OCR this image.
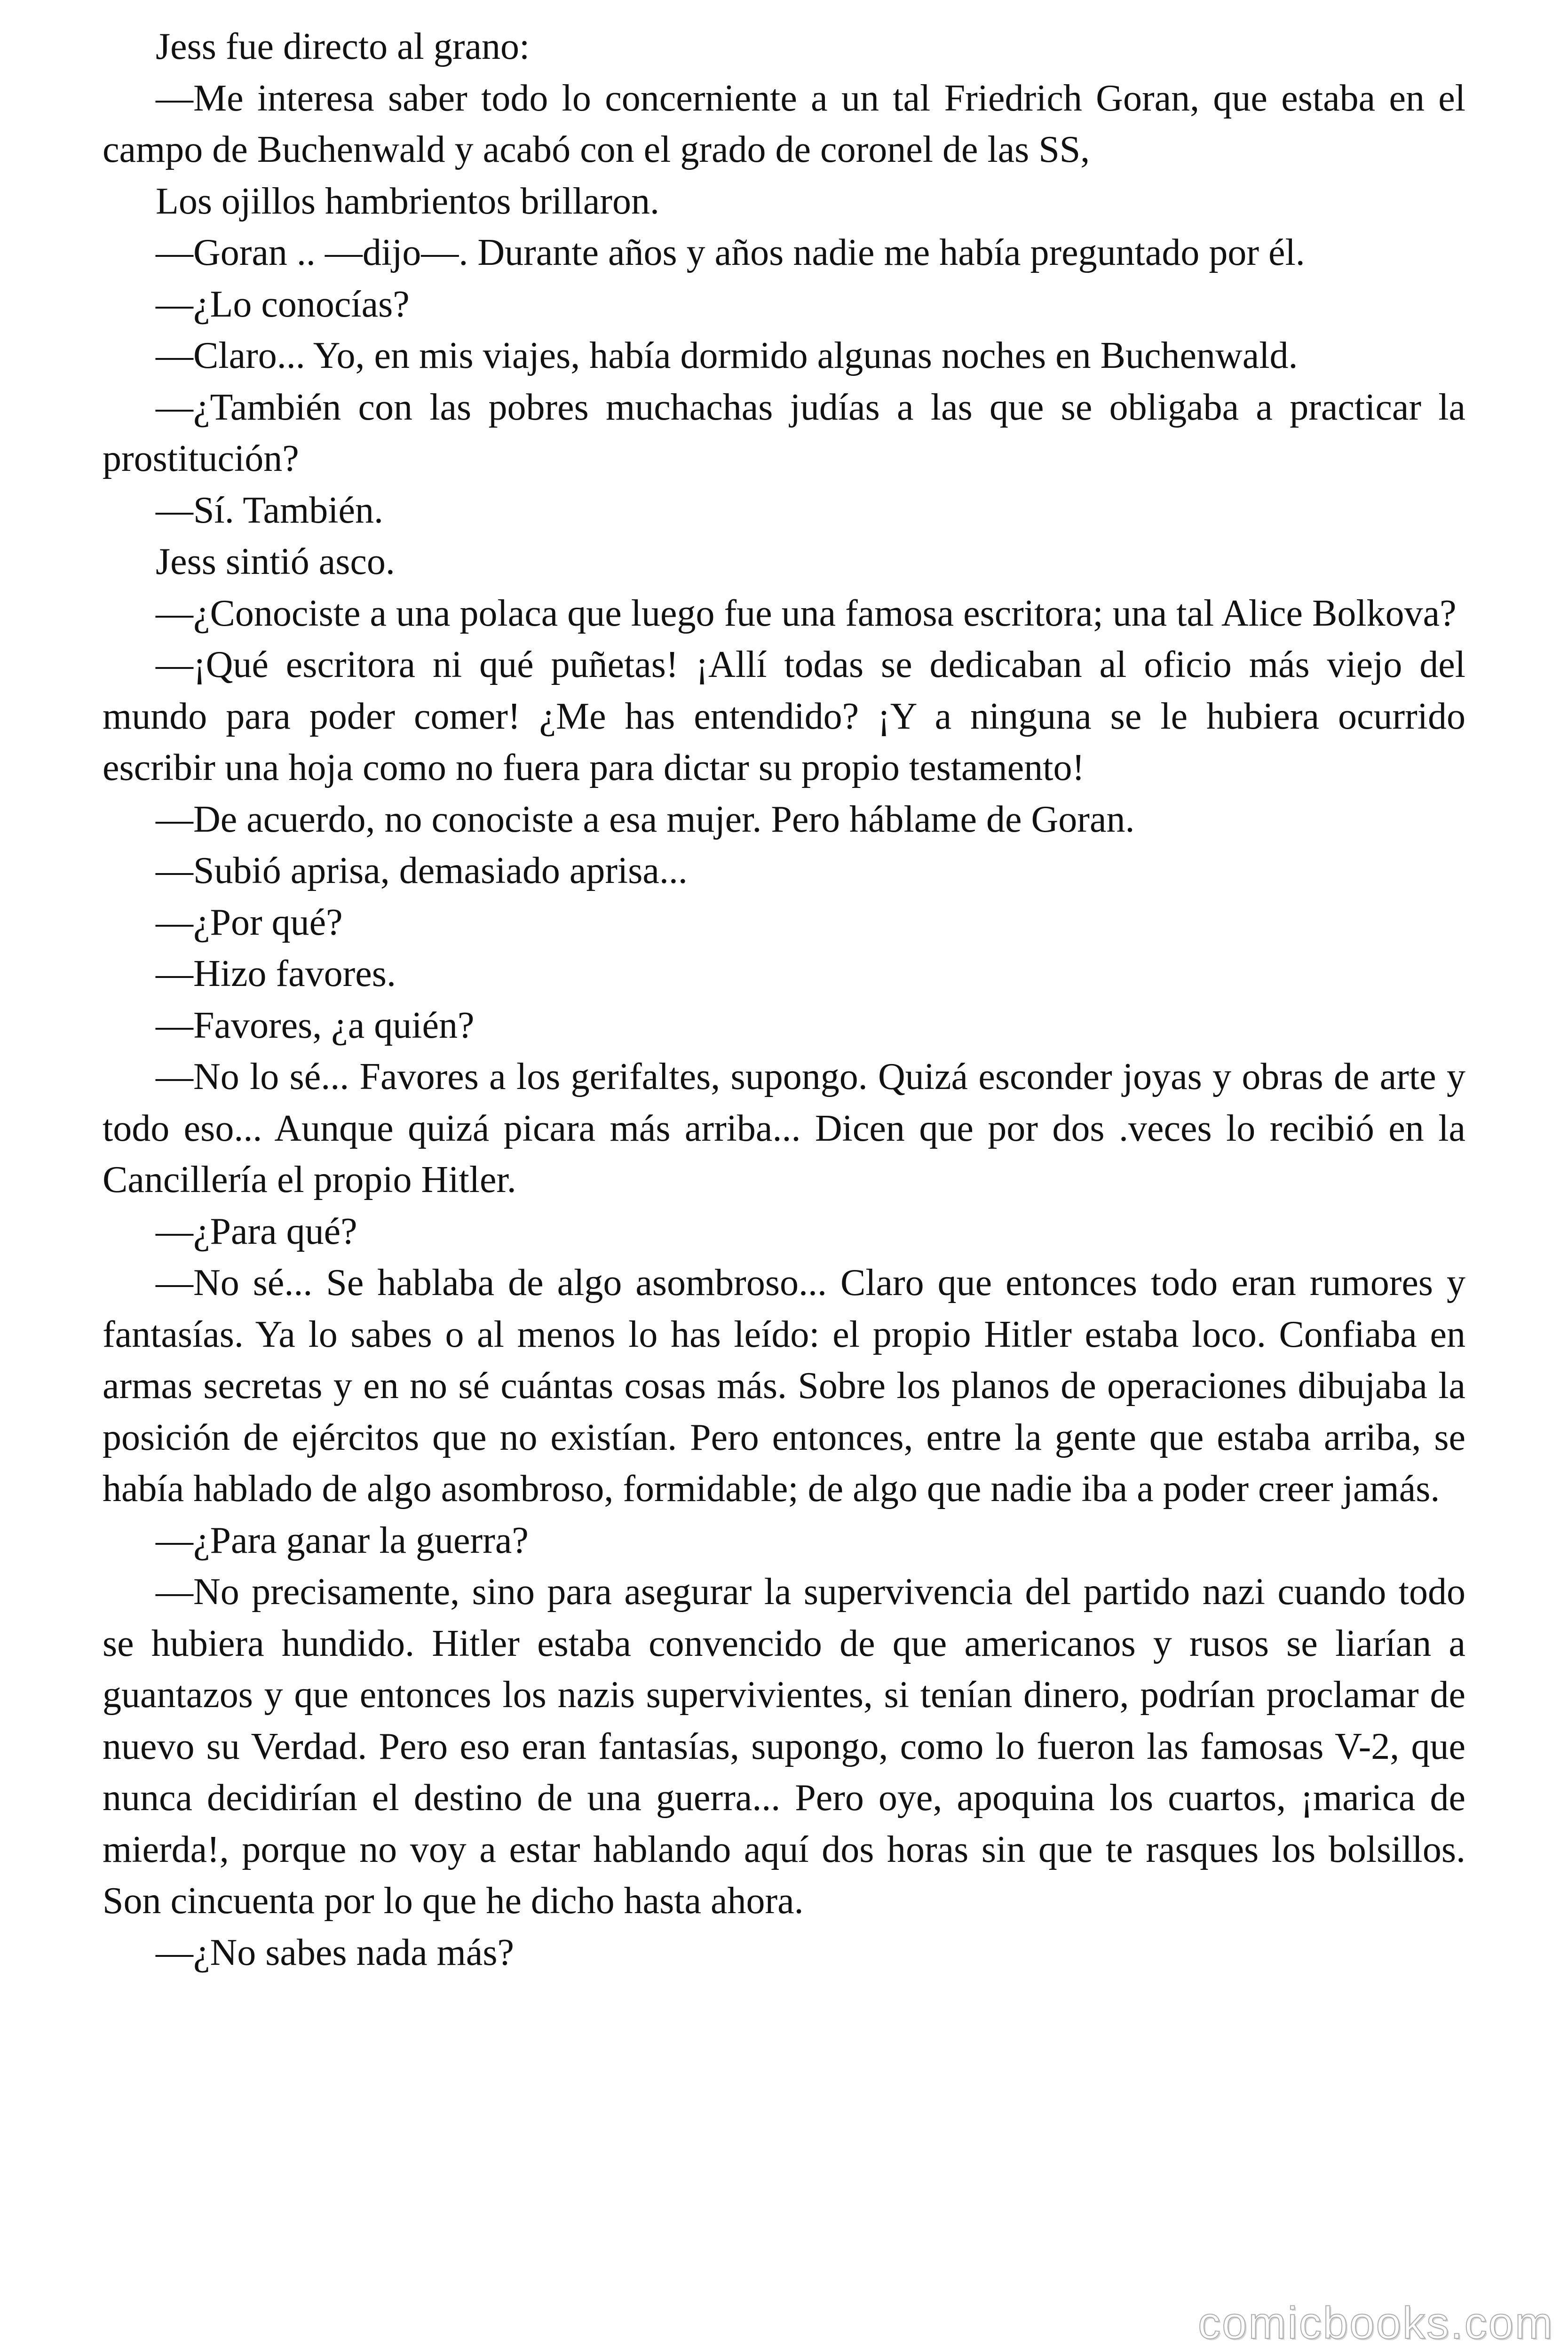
Jess fue directo al grano:

—Me interesa saber todo lo concerniente a un tal Friedrich Goran, que estaba en el campo de Buchenwald y acabó con el grado de coronel de las SS,

Los ojillos hambrientos brillaron.

—Goran .. —dijo—. Durante años y años nadie me había preguntado por él.

—¿Lo conocías?

—Claro... Yo, en mis viajes, había dormido algunas noches en Buchenwald.

—¿También con las pobres muchachas judías a las que se obligaba a practicar la prostitución?

—Sí. También.

Jess sintió asco.

—¿Conociste a una polaca que luego fue una famosa escritora; una tal Alice Bolkova?

—¡Qué escritora ni qué puñetas! ¡Allí todas se dedicaban al oficio más viejo del mundo para poder comer! ¿Me has entendido? ¡Y a ninguna se le hubiera ocurrido escribir una hoja como no fuera para dictar su propio testamento!

—De acuerdo, no conociste a esa mujer. Pero háblame de Goran.

—Subió aprisa, demasiado aprisa...

—¿Por qué?

—Hizo favores.

—Favores, ¿a quién?

—No lo sé... Favores a los gerifaltes, supongo. Quizá esconder joyas y obras de arte y todo eso... Aunque quizá picara más arriba... Dicen que por dos .veces lo recibió en la Cancillería el propio Hitler.

—¿Para qué?

—No sé... Se hablaba de algo asombroso... Claro que entonces todo eran rumores y fantasías. Ya lo sabes o al menos lo has leído: el propio Hitler estaba loco. Confiaba en armas secretas y en no sé cuántas cosas más. Sobre los planos de operaciones dibujaba la posición de ejércitos que no existían. Pero entonces, entre la gente que estaba arriba, se había hablado de algo asombroso, formidable; de algo que nadie iba a poder creer jamás.

—¿Para ganar la guerra?

—No precisamente, sino para asegurar la supervivencia del partido nazi cuando todo se hubiera hundido. Hitler estaba convencido de que americanos y rusos se liarían a guantazos y que entonces los nazis supervivientes, si tenían dinero, podrían proclamar de nuevo su Verdad. Pero eso eran fantasías, supongo, como lo fueron las famosas V-2, que nunca decidirían el destino de una guerra... Pero oye, apoquina los cuartos, ¡marica de mierda!, porque no voy a estar hablando aquí dos horas sin que te rasques los bolsillos. Son cincuenta por lo que he dicho hasta ahora.

—¿No sabes nada más?

comicbooks.com
